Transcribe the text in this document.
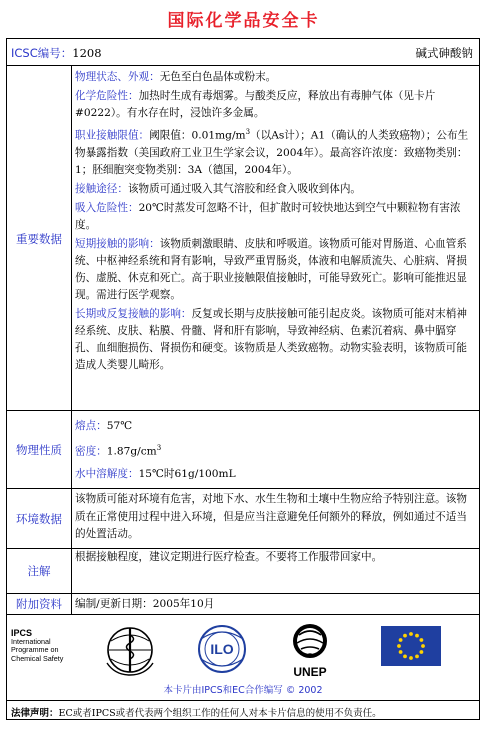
国际化学品安全卡
ICSC编号：1208	碱式砷酸钠
重要数据

物理状态、外观：无色至白色晶体或粉末。

化学危险性：加热时生成有毒烟雾。与酸类反应，释放出有毒胂气体（见卡片#0222）。有水存在时，浸蚀许多金属。

职业接触限值：阈限值：$0.01mg/m^3$（以As计）；A1（确认的人类致癌物）；公布生物暴露指数（美国政府工业卫生学家会议，2004年）。最高容许浓度：致癌物类别：1；胚细胞突变物类别：3A（德国，2004年）。

接触途径：该物质可通过吸入其气溶胶和经食入吸收到体内。

吸入危险性：20℃时蒸发可忽略不计，但扩散时可较快地达到空气中颗粒物有害浓度。

短期接触的影响：该物质刺激眼睛、皮肤和呼吸道。该物质可能对胃肠道、心血管系统、中枢神经系统和肾有影响，导致严重胃肠炎，体液和电解质流失、心脏病、肾损伤、虚脱、休克和死亡。高于职业接触限值接触时，可能导致死亡。影响可能推迟显现。需进行医学观察。

长期或反复接触的影响：反复或长期与皮肤接触可能引起皮炎。该物质可能对末梢神经系统、皮肤、粘膜、骨髓、肾和肝有影响，导致神经病、色素沉着病、鼻中膈穿孔、血细胞损伤、肾损伤和硬变。该物质是人类致癌物。动物实验表明，该物质可能造成人类婴儿畸形。

物理性质
熔点：57℃
密度：$1.87g/cm^3$
水中溶解度：15℃时61g/100mL
环境数据
该物质可能对环境有危害，对地下水、水生生物和土壤中生物应给予特别注意。该物质在正常使用过程中进入环境，但是应当注意避免任何额外的释放，例如通过不适当的处置活动。
注解
根据接触程度，建议定期进行医疗检查。不要将工作服带回家中。
附加资料	编制/更新日期：2005年10月
IPCS
International
Programme on
Chemical Safety
ILO
UNEP
本卡片由IPCS和EC合作编写 © 2002
法律声明：EC或者IPCS或者代表两个组织工作的任何人对本卡片信息的使用不负责任。
